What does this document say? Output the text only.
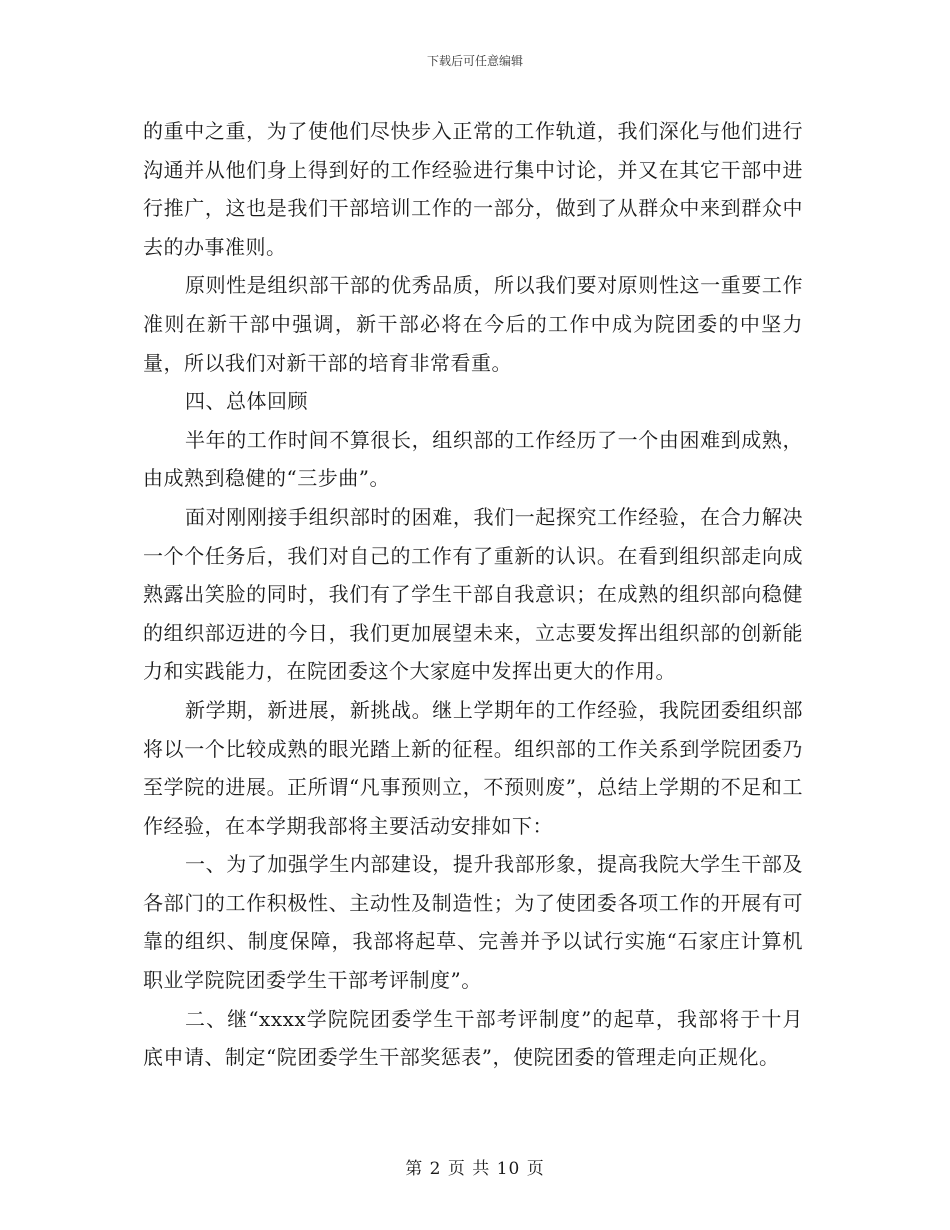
下载后可任意编辑

的重中之重，为了使他们尽快步入正常的工作轨道，我们深化与他们进行沟通并从他们身上得到好的工作经验进行集中讨论，并又在其它干部中进行推广，这也是我们干部培训工作的一部分，做到了从群众中来到群众中去的办事准则。

原则性是组织部干部的优秀品质，所以我们要对原则性这一重要工作准则在新干部中强调，新干部必将在今后的工作中成为院团委的中坚力量，所以我们对新干部的培育非常看重。

四、总体回顾

半年的工作时间不算很长，组织部的工作经历了一个由困难到成熟，由成熟到稳健的“三步曲”。

面对刚刚接手组织部时的困难，我们一起探究工作经验，在合力解决一个个任务后，我们对自己的工作有了重新的认识。在看到组织部走向成熟露出笑脸的同时，我们有了学生干部自我意识；在成熟的组织部向稳健的组织部迈进的今日，我们更加展望未来，立志要发挥出组织部的创新能力和实践能力，在院团委这个大家庭中发挥出更大的作用。

新学期，新进展，新挑战。继上学期年的工作经验，我院团委组织部将以一个比较成熟的眼光踏上新的征程。组织部的工作关系到学院团委乃至学院的进展。正所谓“凡事预则立，不预则废”，总结上学期的不足和工作经验，在本学期我部将主要活动安排如下：

一、为了加强学生内部建设，提升我部形象，提高我院大学生干部及各部门的工作积极性、主动性及制造性；为了使团委各项工作的开展有可靠的组织、制度保障，我部将起草、完善并予以试行实施“石家庄计算机职业学院院团委学生干部考评制度”。

二、继“xxxx学院院团委学生干部考评制度”的起草，我部将于十月底申请、制定“院团委学生干部奖惩表”，使院团委的管理走向正规化。

第 2 页 共 10 页
